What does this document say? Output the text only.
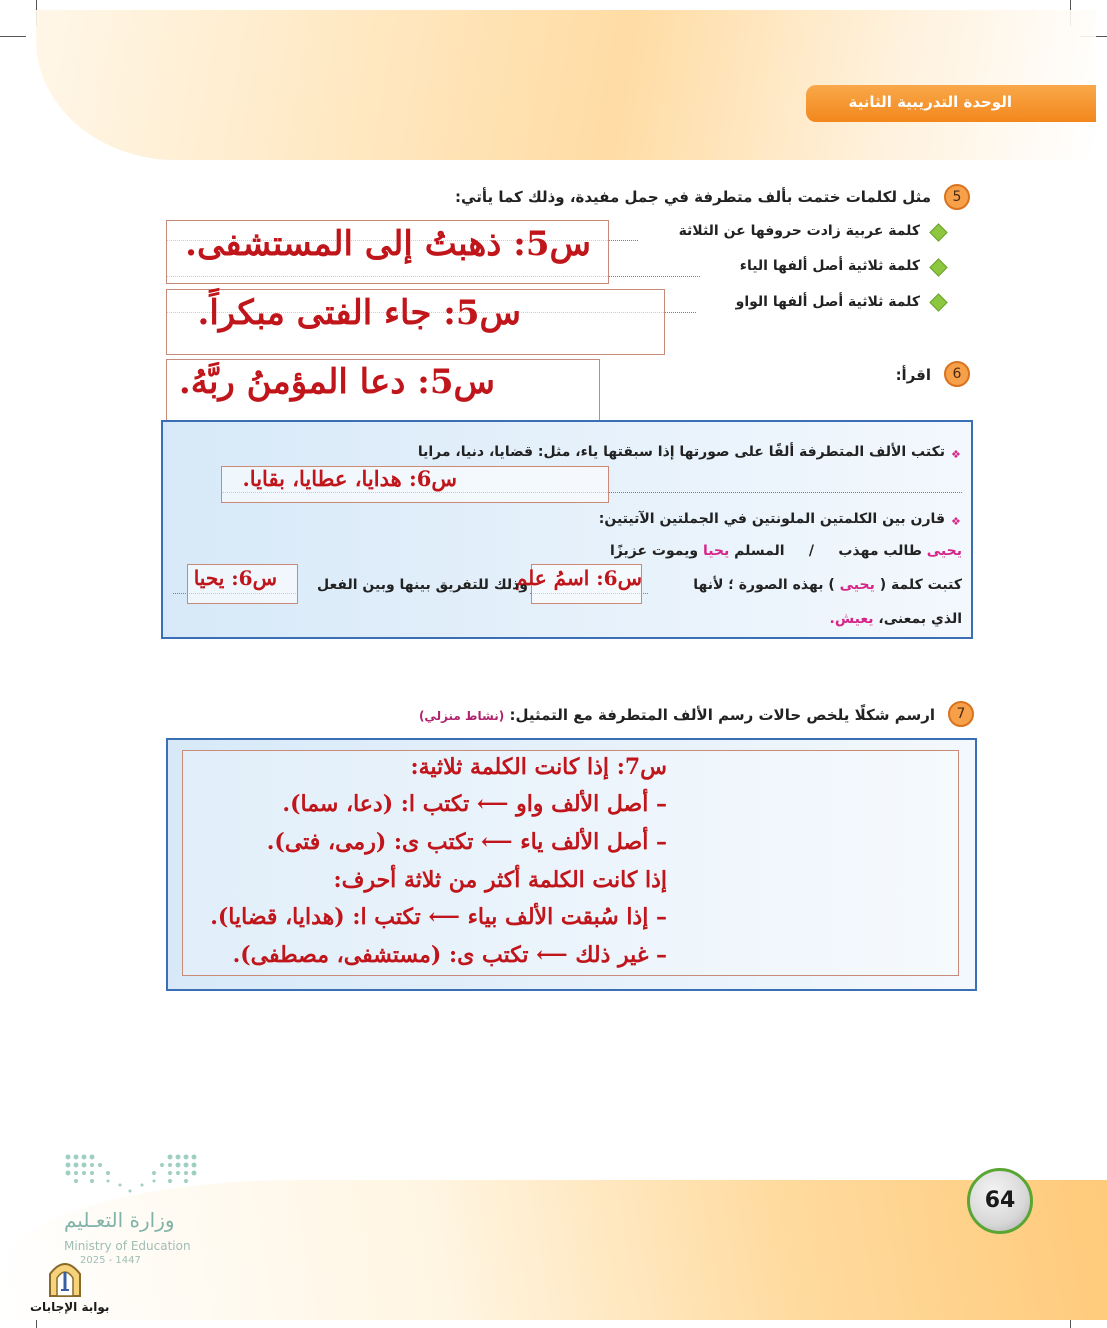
الوحدة التدريبية الثانية
5
مثل لكلمات ختمت بألف متطرفة في جمل مفيدة، وذلك كما يأتي:
كلمة عربية زادت حروفها عن الثلاثة
كلمة ثلاثية أصل ألفها الياء
كلمة ثلاثية أصل ألفها الواو
س5: ذهبتُ إلى المستشفى.
س5: جاء الفتى مبكراً.
س5: دعا المؤمنُ ربَّهُ.	6
اقرأ:
❖
تكتب الألف المتطرفة ألفًا على صورتها إذا سبقتها ياء، مثل: قضايا، دنيا، مرايا
س6: هدايا، عطايا، بقايا.
❖
قارن بين الكلمتين الملونتين في الجملتين الآتيتين:
يحيى طالب مهذب     /     المسلم يحيا ويموت عزيزًا
كتبت كلمة ( يحيى ) بهذه الصورة ؛ لأنها
س6: اسمُ علم
وذلك للتفريق بينها وبين الفعل
س6: يحيا
الذي بمعنى، يعيش.
7
ارسم شكلًا يلخص حالات رسم الألف المتطرفة مع التمثيل: (نشاط منزلي)
س7: إذا كانت الكلمة ثلاثية:
– أصل الألف واو ⟵ تكتب ا: (دعا، سما).
– أصل الألف ياء ⟵ تكتب ى: (رمى، فتى).
إذا كانت الكلمة أكثر من ثلاثة أحرف:
– إذا سُبقت الألف بياء ⟵ تكتب ا: (هدايا، قضايا).
– غير ذلك ⟵ تكتب ى: (مستشفى، مصطفى).
64
وزارة التعـليم
Ministry of Education
2025 - 1447
بوابة الإجابات
